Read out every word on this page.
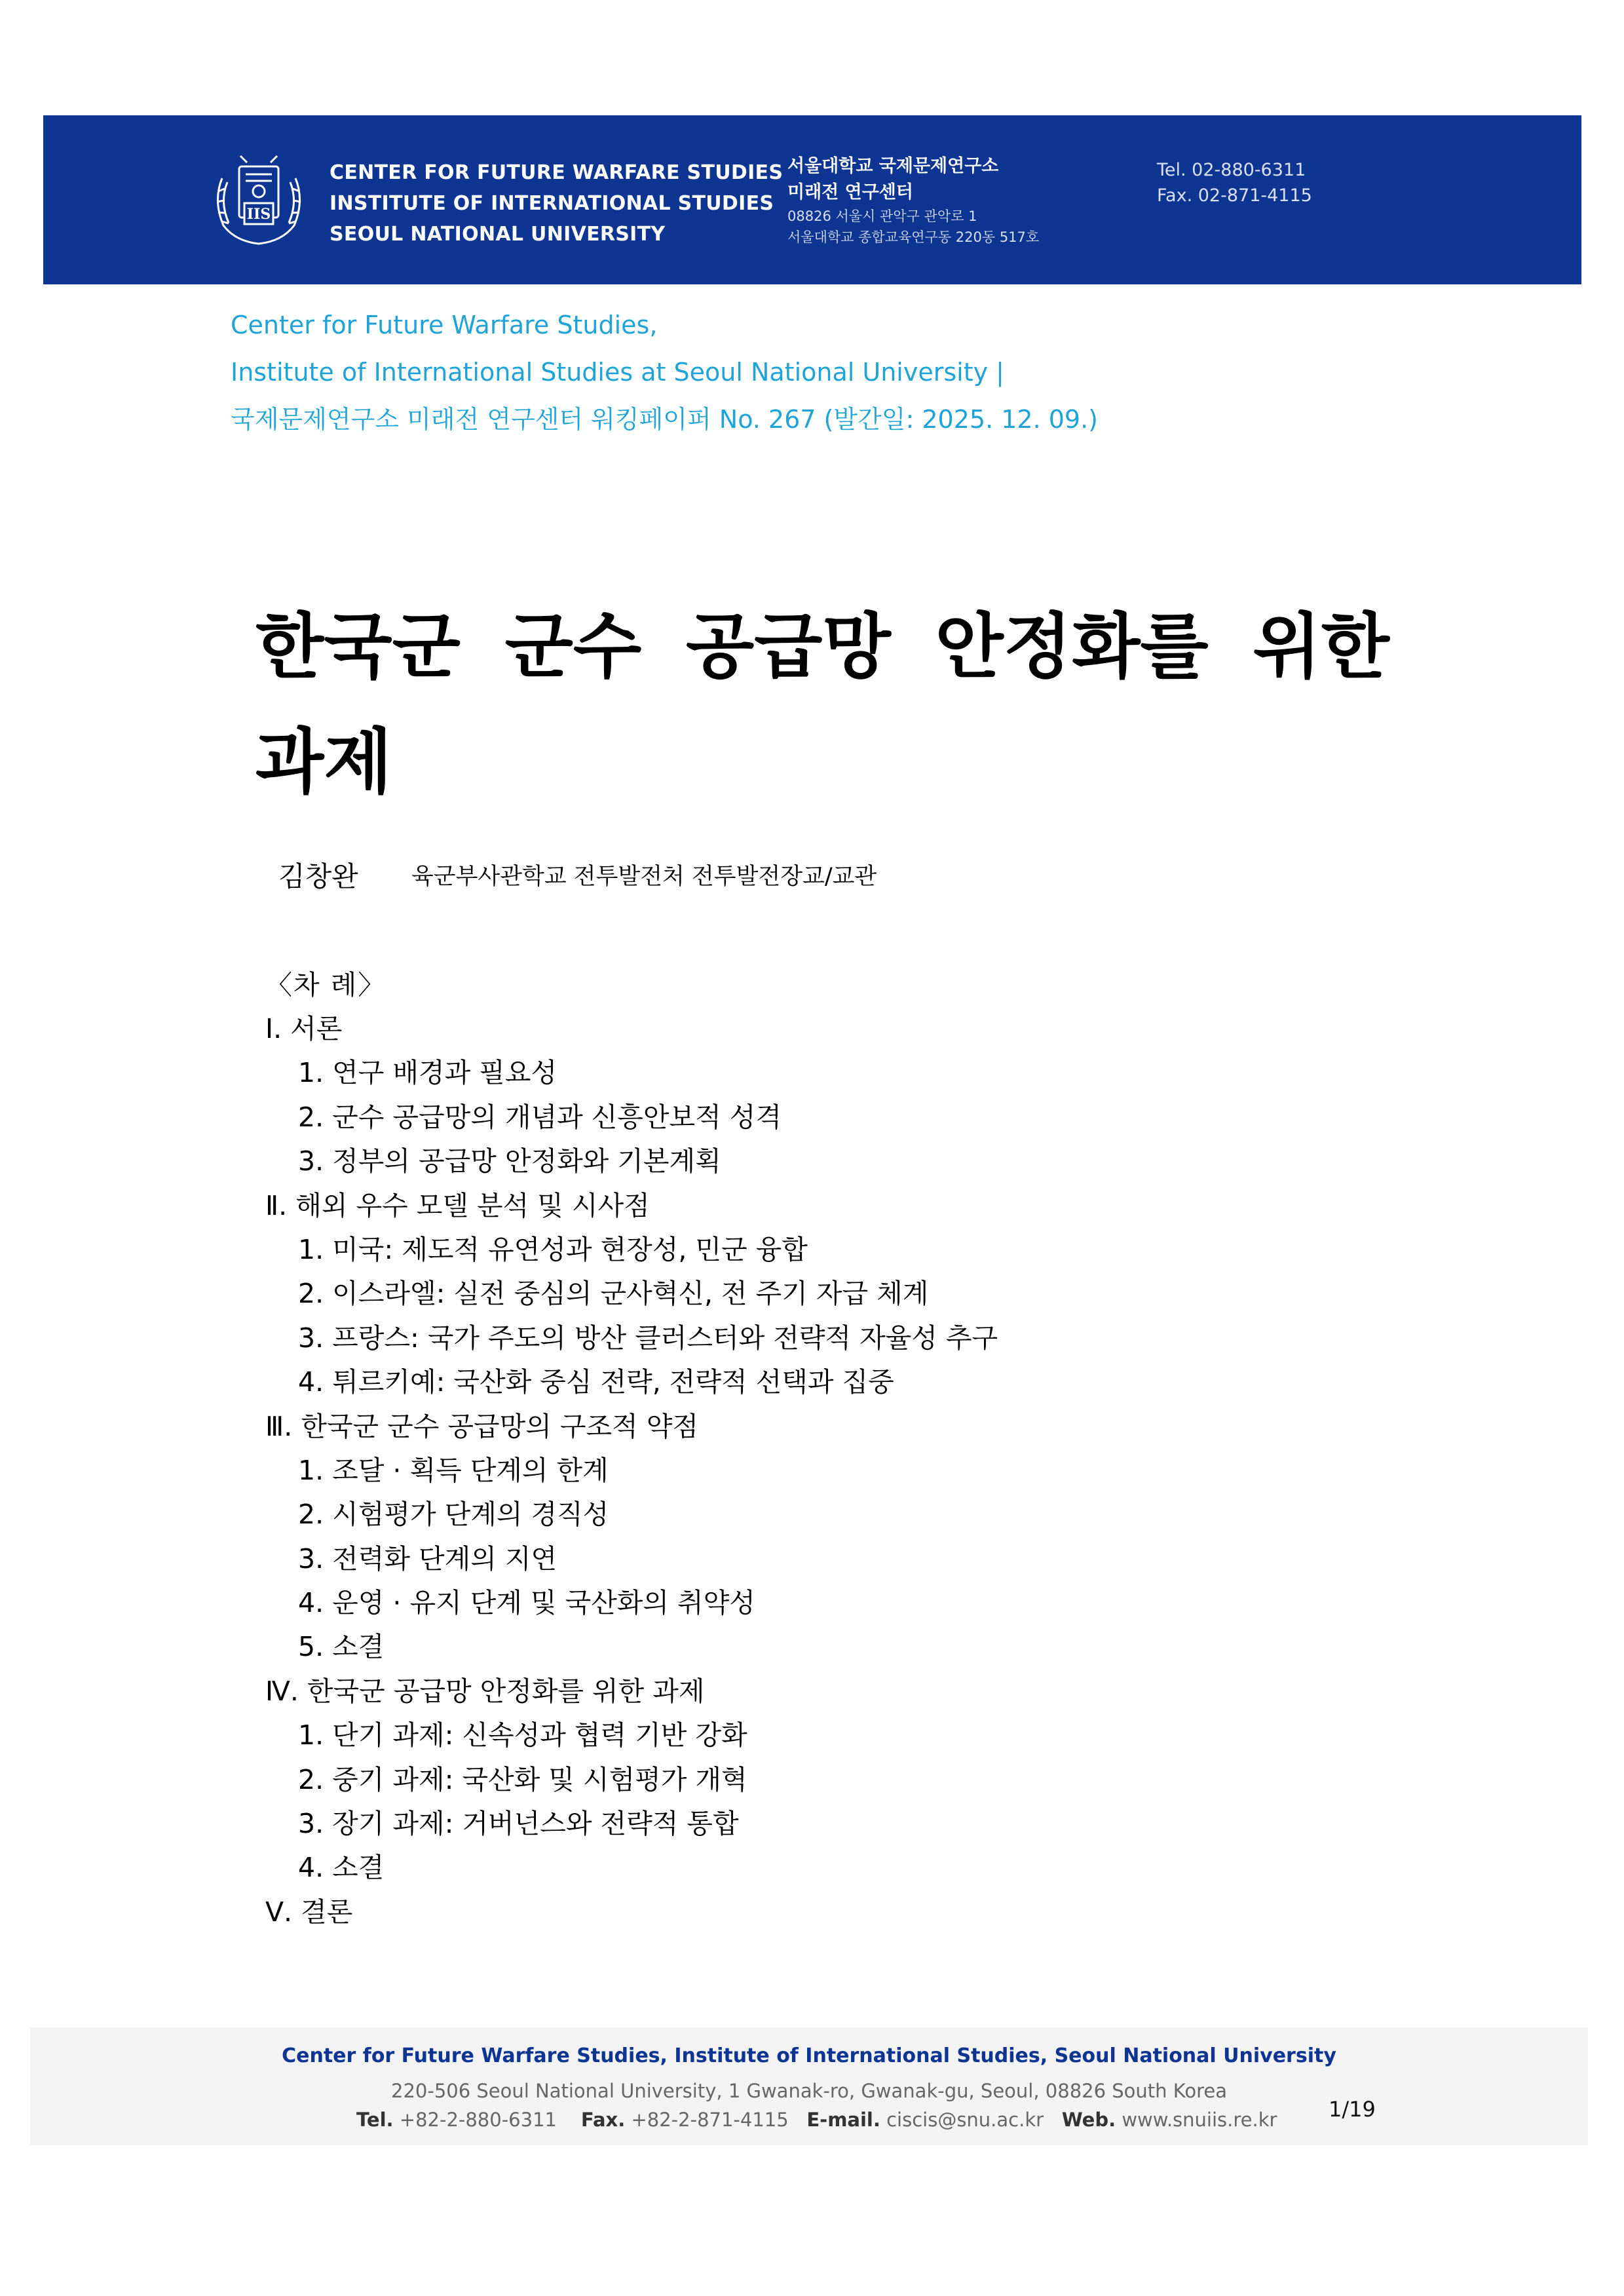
IIS
CENTER FOR FUTURE WARFARE STUDIES
INSTITUTE OF INTERNATIONAL STUDIES
SEOUL NATIONAL UNIVERSITY
서울대학교 국제문제연구소
미래전 연구센터
08826 서울시 관악구 관악로 1
서울대학교 종합교육연구동 220동 517호
Tel. 02-880-6311
Fax. 02-871-4115
Center for Future Warfare Studies,
Institute of International Studies at Seoul National University |
국제문제연구소 미래전 연구센터 워킹페이퍼 No. 267 (발간일: 2025. 12. 09.)
한국군 군수 공급망 안정화를 위한 과제
김창완 육군부사관학교 전투발전처 전투발전장교/교관
〈차 례〉
Ⅰ. 서론
1. 연구 배경과 필요성
2. 군수 공급망의 개념과 신흥안보적 성격
3. 정부의 공급망 안정화와 기본계획
Ⅱ. 해외 우수 모델 분석 및 시사점
1. 미국: 제도적 유연성과 현장성, 민군 융합
2. 이스라엘: 실전 중심의 군사혁신, 전 주기 자급 체계
3. 프랑스: 국가 주도의 방산 클러스터와 전략적 자율성 추구
4. 튀르키예: 국산화 중심 전략, 전략적 선택과 집중
Ⅲ. 한국군 군수 공급망의 구조적 약점
1. 조달 · 획득 단계의 한계
2. 시험평가 단계의 경직성
3. 전력화 단계의 지연
4. 운영 · 유지 단계 및 국산화의 취약성
5. 소결
Ⅳ. 한국군 공급망 안정화를 위한 과제
1. 단기 과제: 신속성과 협력 기반 강화
2. 중기 과제: 국산화 및 시험평가 개혁
3. 장기 과제: 거버넌스와 전략적 통합
4. 소결
Ⅴ. 결론
Center for Future Warfare Studies, Institute of International Studies, Seoul National University
220-506 Seoul National University, 1 Gwanak-ro, Gwanak-gu, Seoul, 08826 South Korea
Tel. +82-2-880-6311 Fax. +82-2-871-4115 E-mail. ciscis@snu.ac.kr Web. www.snuiis.re.kr 1/19
